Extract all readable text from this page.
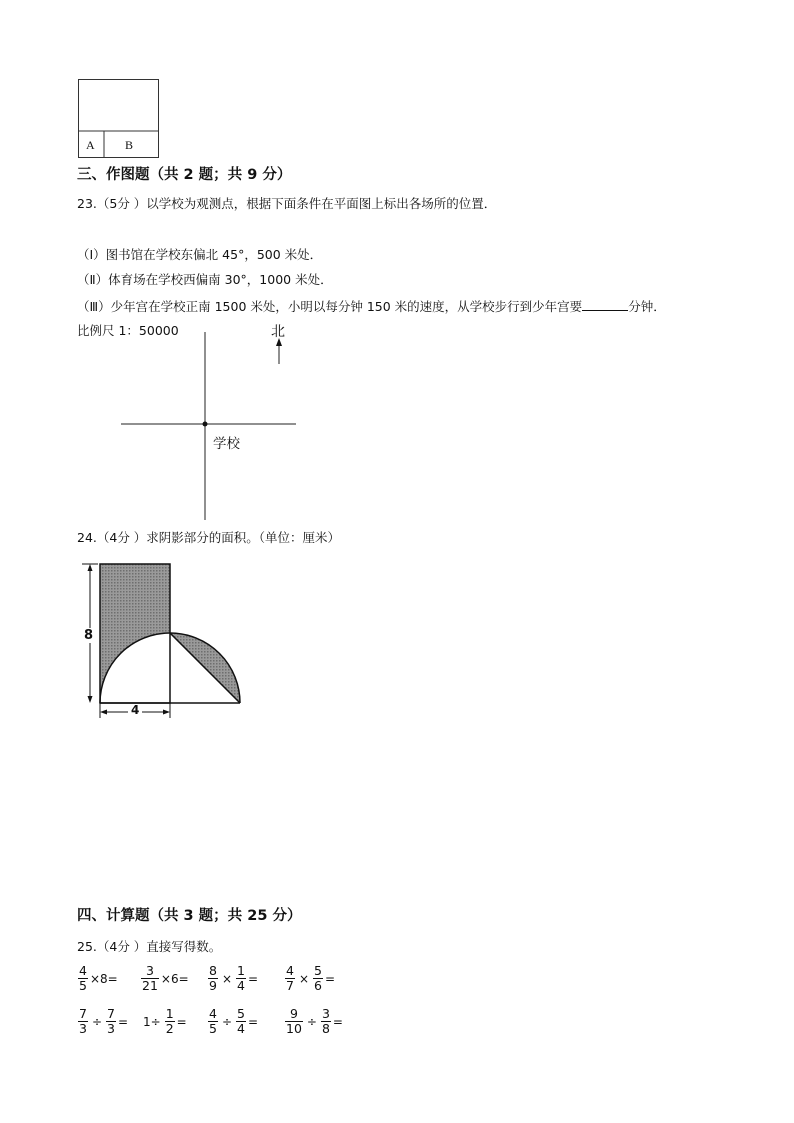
A	B
三、作图题（共 2 题；共 9 分）
23.（5分 ）以学校为观测点，根据下面条件在平面图上标出各场所的位置．
（Ⅰ）图书馆在学校东偏北 45°，500 米处．
（Ⅱ）体育场在学校西偏南 30°，1000 米处．
（Ⅲ）少年宫在学校正南 1500 米处，小明以每分钟 150 米的速度，从学校步行到少年宫要	分钟．
比例尺 1：50000	北
学校
24.（4分 ）求阴影部分的面积。（单位：厘米）
8
4
四、计算题（共 3 题；共 25 分）
25.（4分 ）直接写得数。
$\frac{4}{5} \times 8= \frac{3}{21} \times 6= \frac{8}{9} \times \frac{1}{4} = \frac{4}{7} \times \frac{5}{6}$ =
$\frac{7}{3} \div \frac{7}{3} = 1\div \frac{1}{2} = \frac{4}{5} \div \frac{5}{4} = \frac{9}{10} \div \frac{3}{8}$ =
